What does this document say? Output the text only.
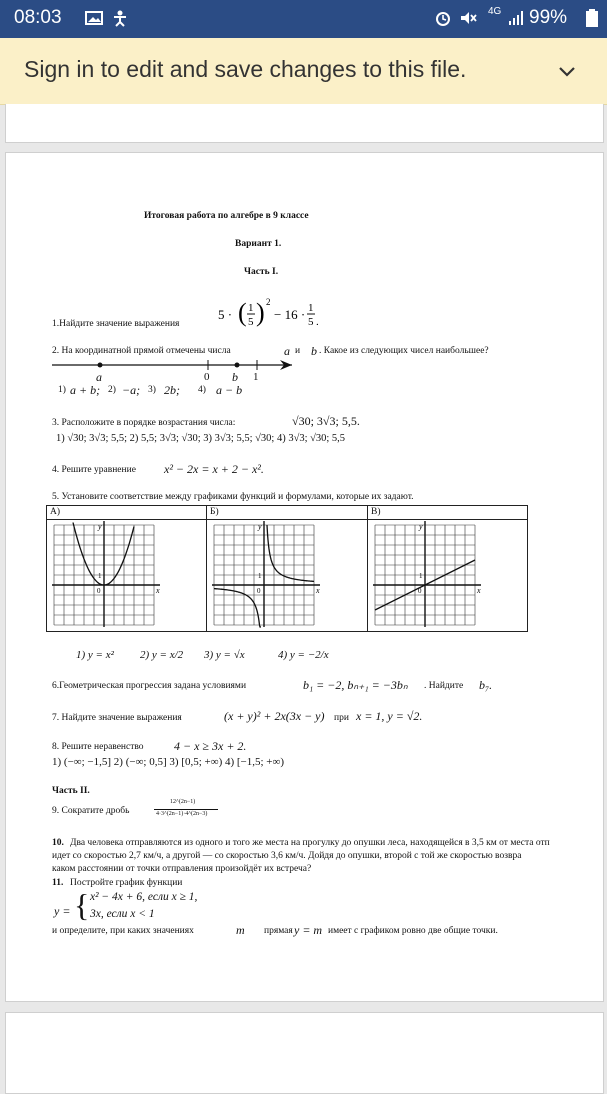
08:03	4G 99%
Sign in to edit and save changes to this file.
Итоговая работа по алгебре в 9 классе
Вариант 1.
Часть I.
1.Найдите значение выражения
5 · ( 1
5 ) 2
− 16 · 1
5 .
2. На координатной прямой отмечены числа	a и b . Какое из следующих чисел наибольшее?
a	0 b 1
1) a + b; 2) −a; 3) 2b; 4) a − b
3. Расположите в порядке возрастания числа:	√30; 3√3; 5,5.
1) √30; 3√3; 5,5; 2) 5,5; 3√3; √30; 3) 3√3; 5,5; √30; 4) 3√3; √30; 5,5
4. Решите уравнение x² − 2x = x + 2 − x².
5. Установите соответствие между графиками функций и формулами, которые их задают.
А)	Б)	В)
y
x
0
1
y
x
0
1
y
x
0
1
1) y = x² 2) y = x/2 3) y = √x	4) y = −2/x
6.Геометрическая прогрессия задана условиями	b₁ = −2, bₙ₊₁ = −3bₙ . Найдите b₇.
7. Найдите значение выражения	(x + y)² + 2x(3x − y) при x = 1, y = √2.
8. Решите неравенство	4 − x ≥ 3x + 2.
1) (−∞; −1,5] 2) (−∞; 0,5] 3) [0,5; +∞) 4) [−1,5; +∞)
Часть II.
9. Сократите дробь
12^(2n−1)
4·3^(2n−1)·4^(2n−3)
10. Два человека отправляются из одного и того же места на прогулку до опушки леса, находящейся в 3,5 км от места отп
идет со скоростью 2,7 км/ч, а другой — со скоростью 3,6 км/ч. Дойдя до опушки, второй с той же скоростью возвра
каком расстоянии от точки отправления произойдёт их встреча?
11. Постройте график функции
y = { x² − 4x + 6, если x ≥ 1,
3x, если x < 1
и определите, при каких значениях	m прямая y = m имеет с графиком ровно две общие точки.
